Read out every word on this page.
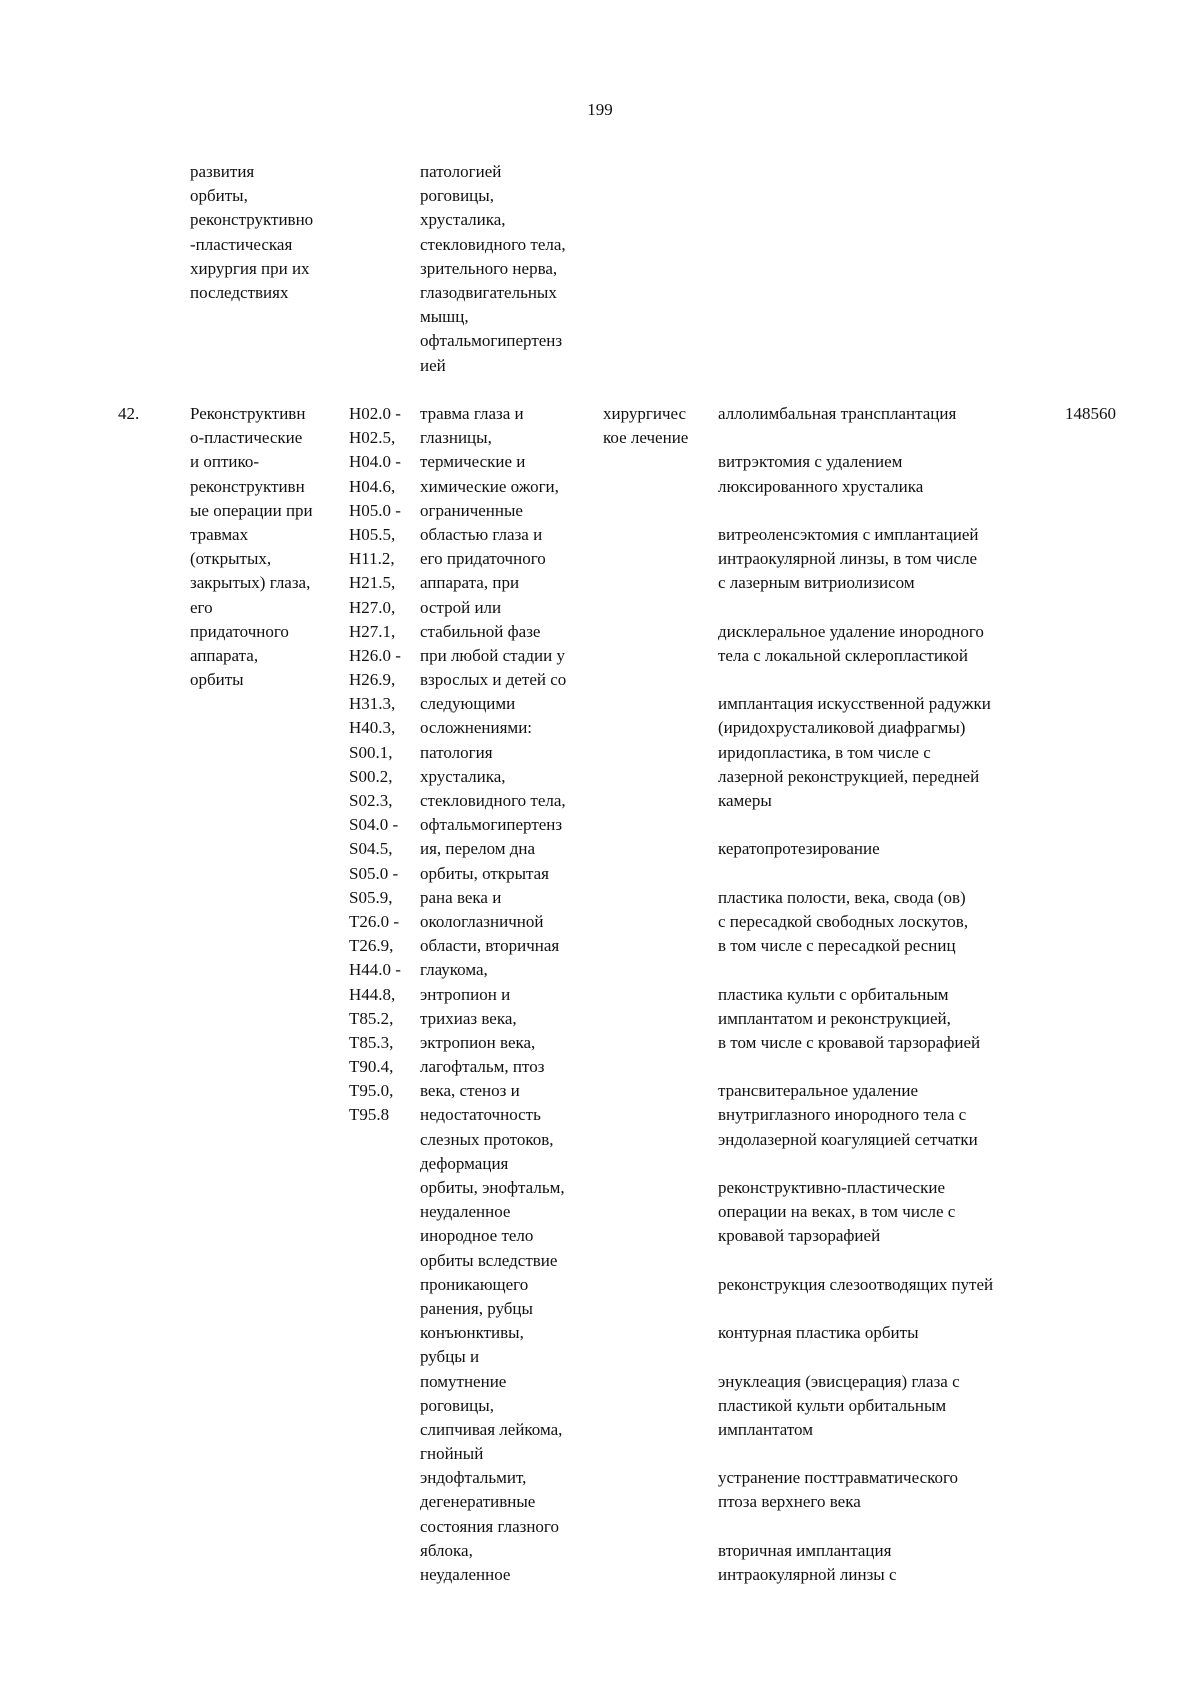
199
развития
орбиты,
реконструктивно
-пластическая
хирургия при их
последствиях
патологией
роговицы,
хрусталика,
стекловидного тела,
зрительного нерва,
глазодвигательных
мышц,
офтальмогипертенз
ией
42.	Реконструктивн
о-пластические
и оптико-
реконструктивн
ые операции при
травмах
(открытых,
закрытых) глаза,
его
придаточного
аппарата,
орбиты
H02.0 -
H02.5,
H04.0 -
H04.6,
H05.0 -
H05.5,
H11.2,
H21.5,
H27.0,
H27.1,
H26.0 -
H26.9,
H31.3,
H40.3,
S00.1,
S00.2,
S02.3,
S04.0 -
S04.5,
S05.0 -
S05.9,
T26.0 -
T26.9,
H44.0 -
H44.8,
T85.2,
T85.3,
T90.4,
T95.0,
T95.8
травма глаза и
глазницы,
термические и
химические ожоги,
ограниченные
областью глаза и
его придаточного
аппарата, при
острой или
стабильной фазе
при любой стадии у
взрослых и детей со
следующими
осложнениями:
патология
хрусталика,
стекловидного тела,
офтальмогипертенз
ия, перелом дна
орбиты, открытая
рана века и
окологлазничной
области, вторичная
глаукома,
энтропион и
трихиаз века,
эктропион века,
лагофтальм, птоз
века, стеноз и
недостаточность
слезных протоков,
деформация
орбиты, энофтальм,
неудаленное
инородное тело
орбиты вследствие
проникающего
ранения, рубцы
конъюнктивы,
рубцы и
помутнение
роговицы,
слипчивая лейкома,
гнойный
эндофтальмит,
дегенеративные
состояния глазного
яблока,
неудаленное
хирургичес
кое лечение
аллолимбальная трансплантация
витрэктомия с удалением
люксированного хрусталика
витреоленсэктомия с имплантацией
интраокулярной линзы, в том числе
с лазерным витриолизисом
дисклеральное удаление инородного
тела с локальной склеропластикой
имплантация искусственной радужки
(иридохрусталиковой диафрагмы)
иридопластика, в том числе с
лазерной реконструкцией, передней
камеры
кератопротезирование
пластика полости, века, свода (ов)
с пересадкой свободных лоскутов,
в том числе с пересадкой ресниц
пластика культи с орбитальным
имплантатом и реконструкцией,
в том числе с кровавой тарзорафией
трансвитеральное удаление
внутриглазного инородного тела с
эндолазерной коагуляцией сетчатки
реконструктивно-пластические
операции на веках, в том числе с
кровавой тарзорафией
реконструкция слезоотводящих путей
контурная пластика орбиты
энуклеация (эвисцерация) глаза с
пластикой культи орбитальным
имплантатом
устранение посттравматического
птоза верхнего века
вторичная имплантация
интраокулярной линзы с
148560
